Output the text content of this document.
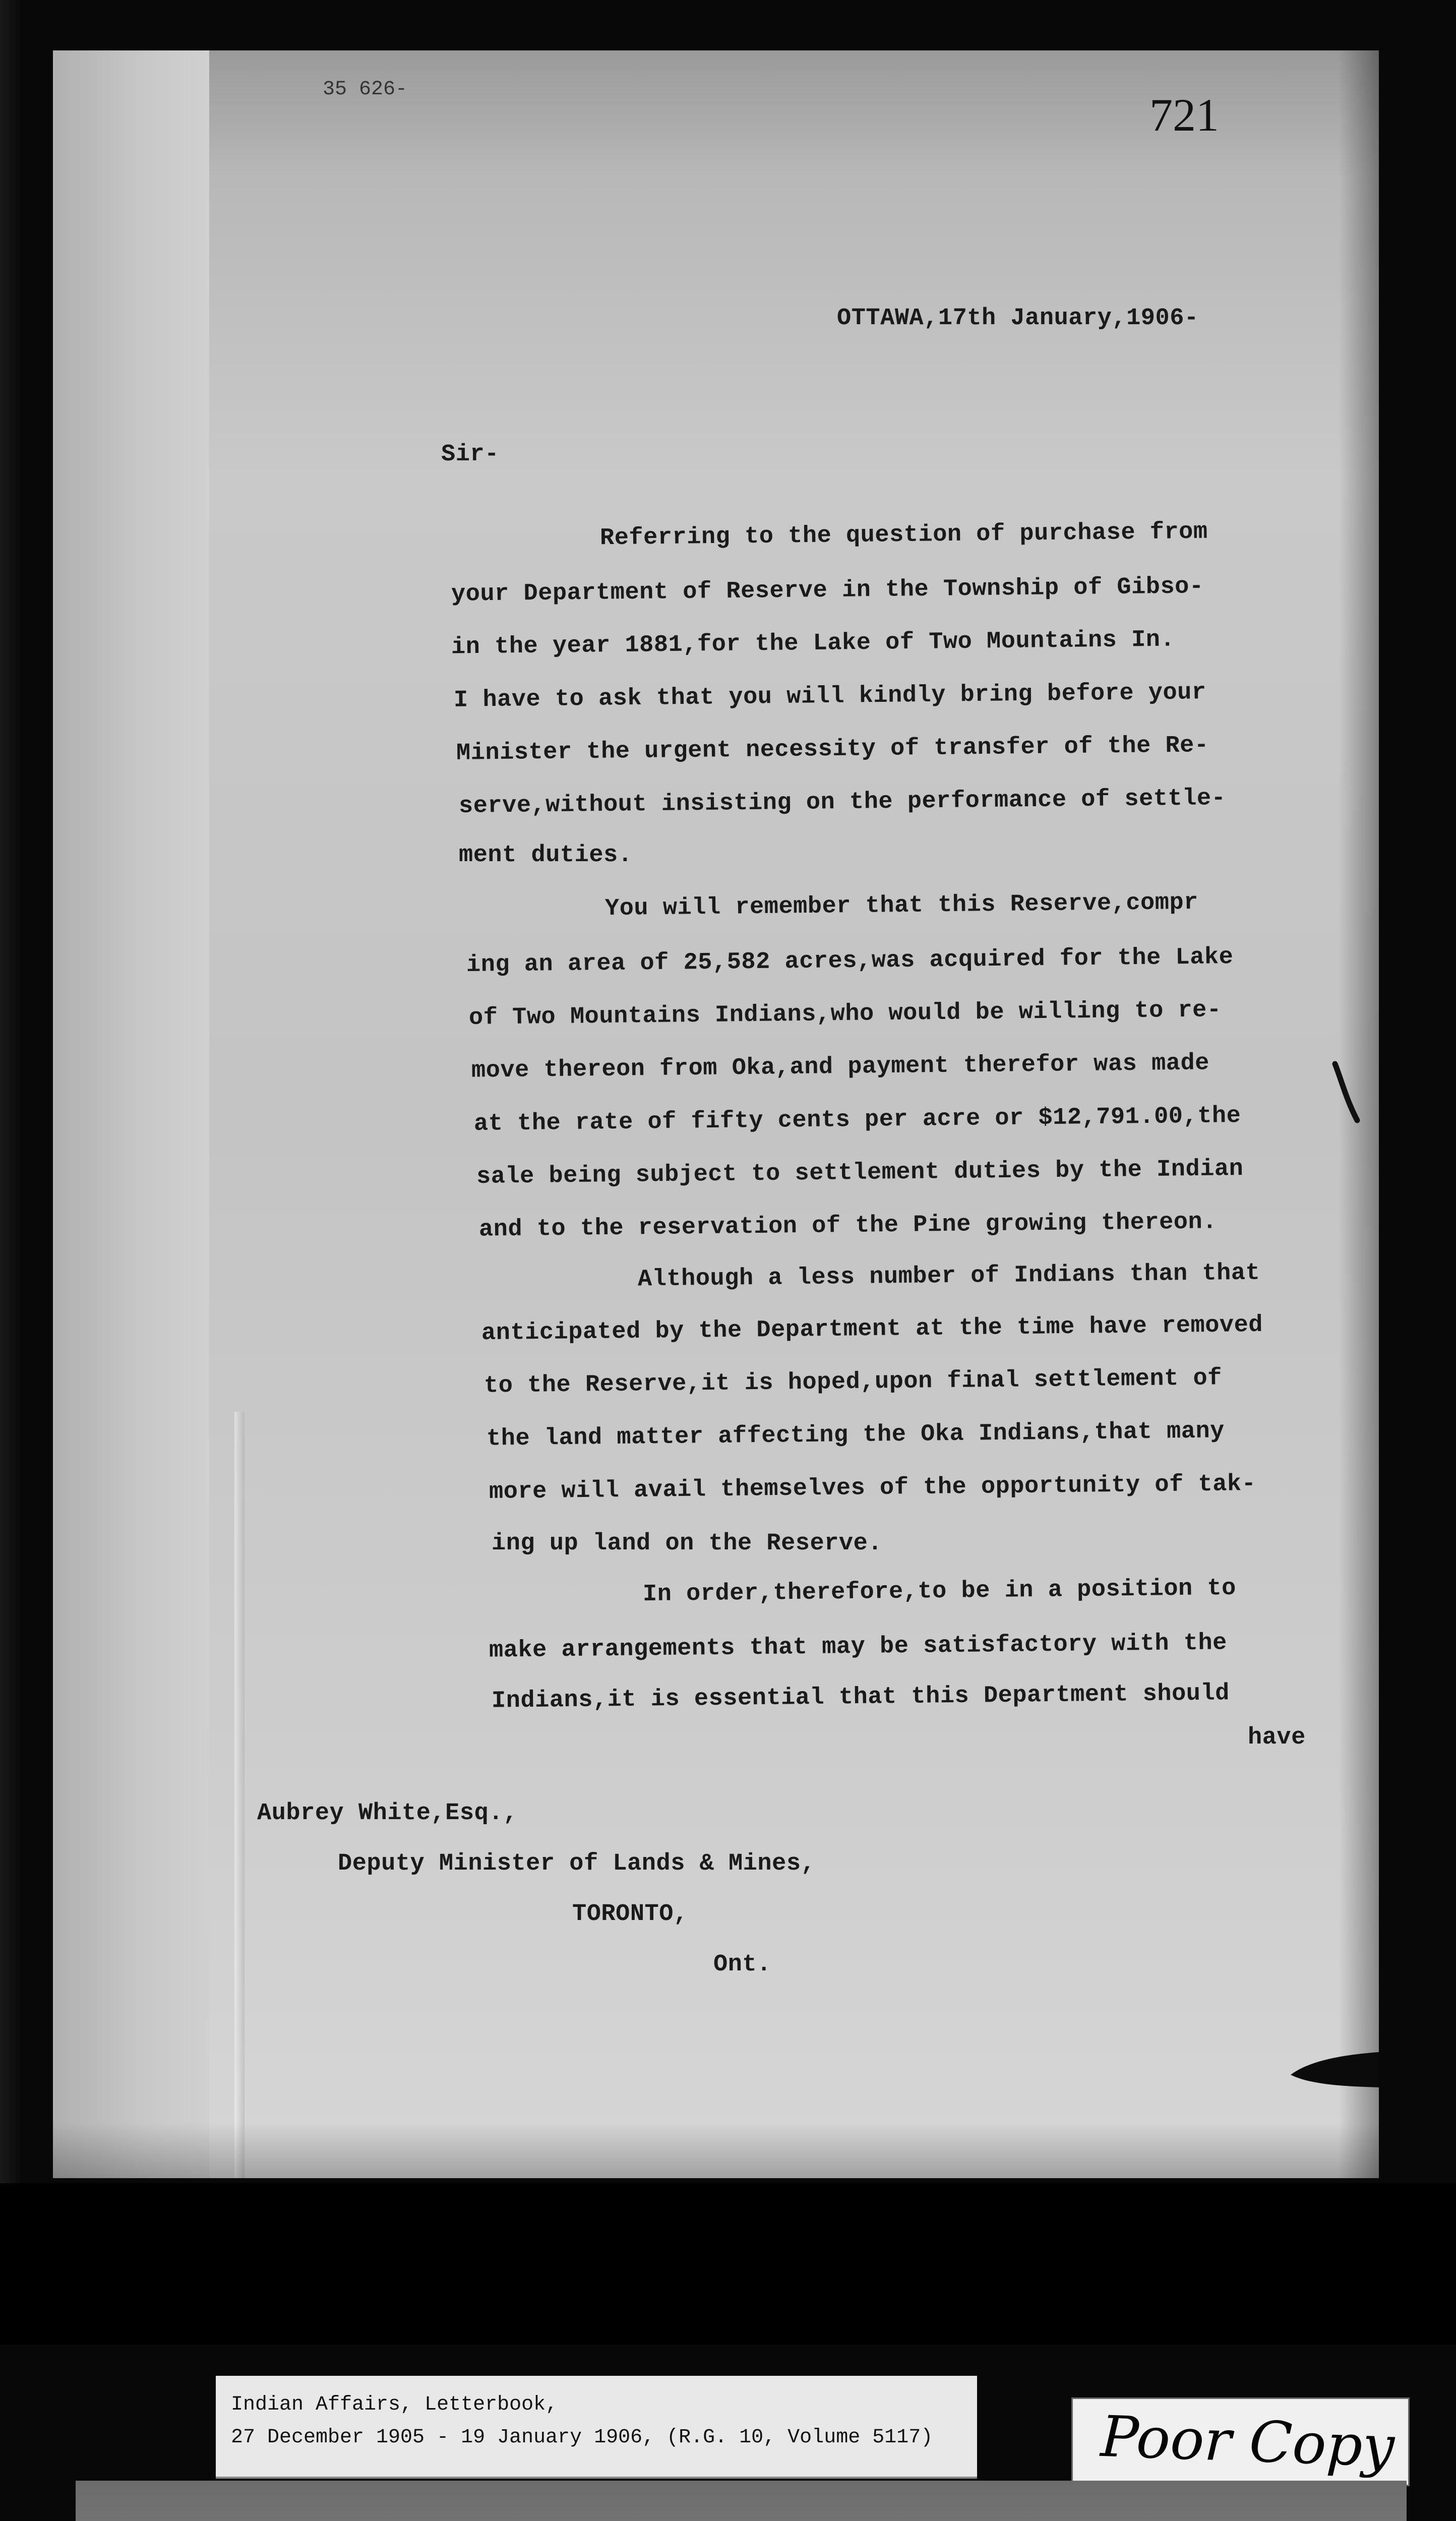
35 626-	721
OTTAWA,17th January,1906-
Sir-
Referring to the question of purchase from
your Department of Reserve in the Township of Gibso-
in the year 1881,for the Lake of Two Mountains In.
I have to ask that you will kindly bring before your
Minister the urgent necessity of transfer of the Re-
serve,without insisting on the performance of settle-
ment duties.
You will remember that this Reserve,compr
ing an area of 25,582 acres,was acquired for the Lake
of Two Mountains Indians,who would be willing to re-
move thereon from Oka,and payment therefor was made
at the rate of fifty cents per acre or $12,791.00,the
sale being subject to settlement duties by the Indian
and to the reservation of the Pine growing thereon.
Although a less number of Indians than that
anticipated by the Department at the time have removed
to the Reserve,it is hoped,upon final settlement of
the land matter affecting the Oka Indians,that many
more will avail themselves of the opportunity of tak-
ing up land on the Reserve.
In order,therefore,to be in a position to
make arrangements that may be satisfactory with the
Indians,it is essential that this Department should
have
Aubrey White,Esq.,
Deputy Minister of Lands & Mines,
TORONTO,
Ont.
Indian Affairs, Letterbook,
27 December 1905 - 19 January 1906, (R.G. 10, Volume 5117)	Poor Copy
